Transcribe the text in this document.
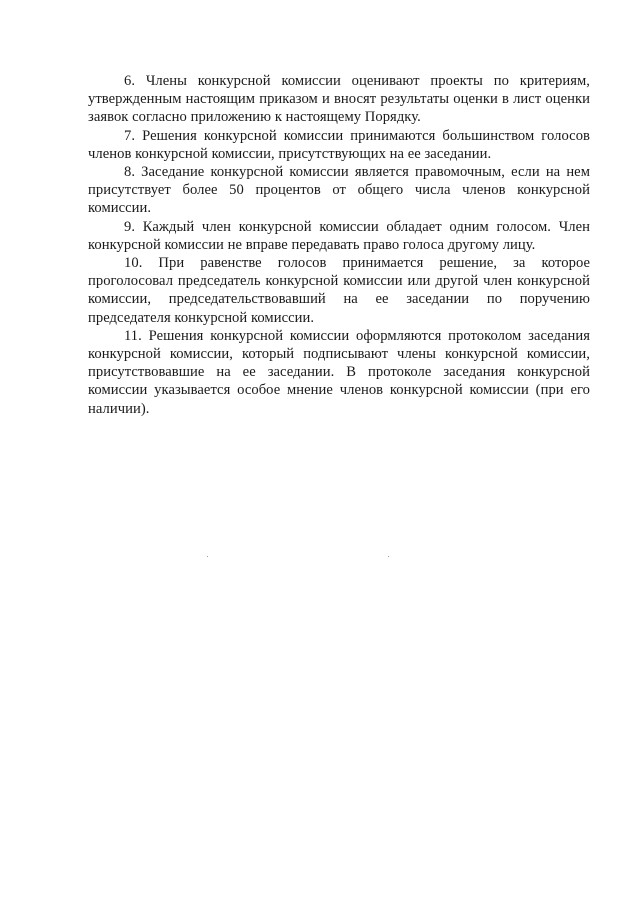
6. Члены конкурсной комиссии оценивают проекты по критериям, утвержденным настоящим приказом и вносят результаты оценки в лист оценки заявок согласно приложению к настоящему Порядку.

7. Решения конкурсной комиссии принимаются большинством голосов членов конкурсной комиссии, присутствующих на ее заседании.

8. Заседание конкурсной комиссии является правомочным, если на нем присутствует более 50 процентов от общего числа членов конкурсной комиссии.

9. Каждый член конкурсной комиссии обладает одним голосом. Член конкурсной комиссии не вправе передавать право голоса другому лицу.

10. При равенстве голосов принимается решение, за которое проголосовал председатель конкурсной комиссии или другой член конкурсной комиссии, председательствовавший на ее заседании по поручению председателя конкурсной комиссии.

11. Решения конкурсной комиссии оформляются протоколом заседания конкурсной комиссии, который подписывают члены конкурсной комиссии, присутствовавшие на ее заседании. В протоколе заседания конкурсной комиссии указывается особое мнение членов конкурсной комиссии (при его наличии).
